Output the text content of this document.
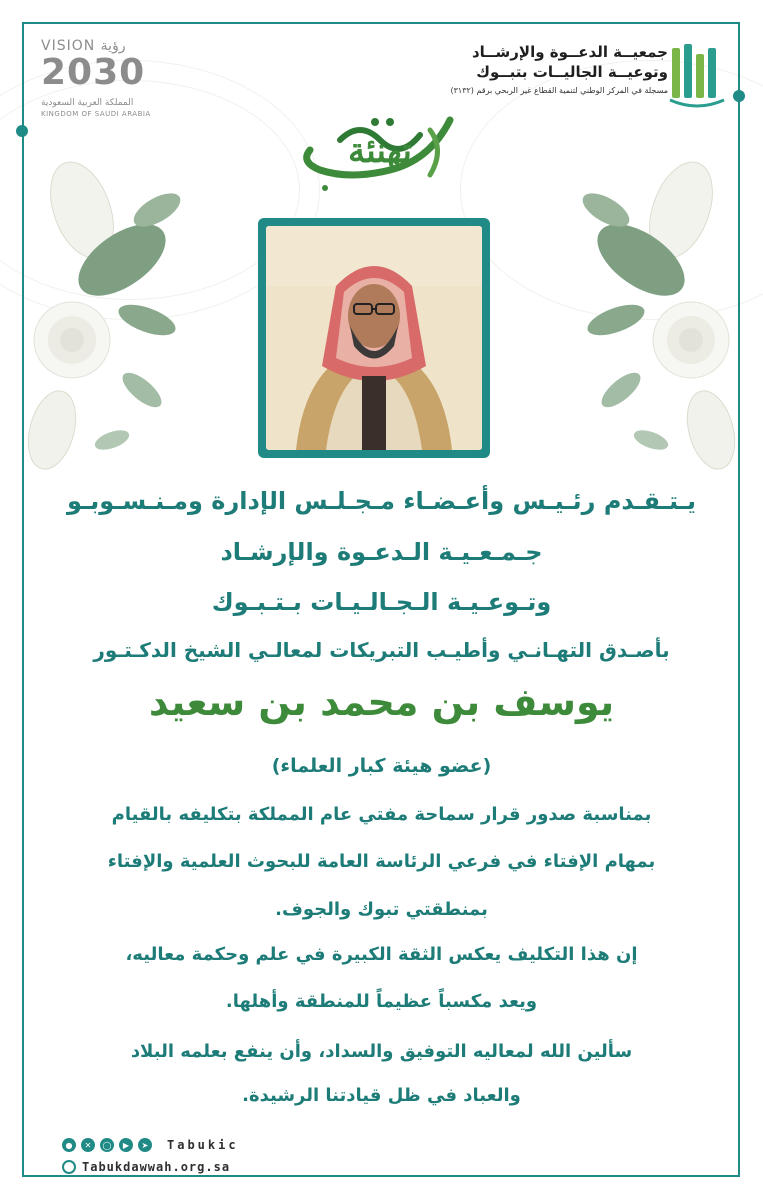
VISION رؤية
2030
المملكة العربية السعودية
KINGDOM OF SAUDI ARABIA
جمعيــة الدعــوة والإرشــاد
وتوعيــة الجاليــات بتبــوك
مسجلة في المركز الوطني لتنمية القطاع غير الربحي برقم (٣١٣٢)
تهنئة
يـتـقـدم رئـيـس وأعـضـاء مـجـلـس الإدارة ومـنـسـوبـو
جـمـعـيـة الـدعـوة والإرشـاد
وتـوعـيـة الـجـالـيـات بـتـبـوك
بأصـدق التهـانـي وأطيـب التبريكات لمعالـي الشيخ الدكـتـور
يوسف بن محمد بن سعيد
(عضو هيئة كبار العلماء)
بمناسبة صدور قرار سماحة مفتي عام المملكة بتكليفه بالقيام
بمهام الإفتاء في فرعي الرئاسة العامة للبحوث العلمية والإفتاء
بمنطقتي تبوك والجوف.
إن هذا التكليف يعكس الثقة الكبيرة في علم وحكمة معاليه،
ويعد مكسباً عظيماً للمنطقة وأهلها.
سألين الله لمعاليه التوفيق والسداد، وأن ينفع بعلمه البلاد
والعباد في ظل قيادتنا الرشيدة.
●	✕	◯	▶	➤	Tabukic
Tabukdawwah.org.sa
